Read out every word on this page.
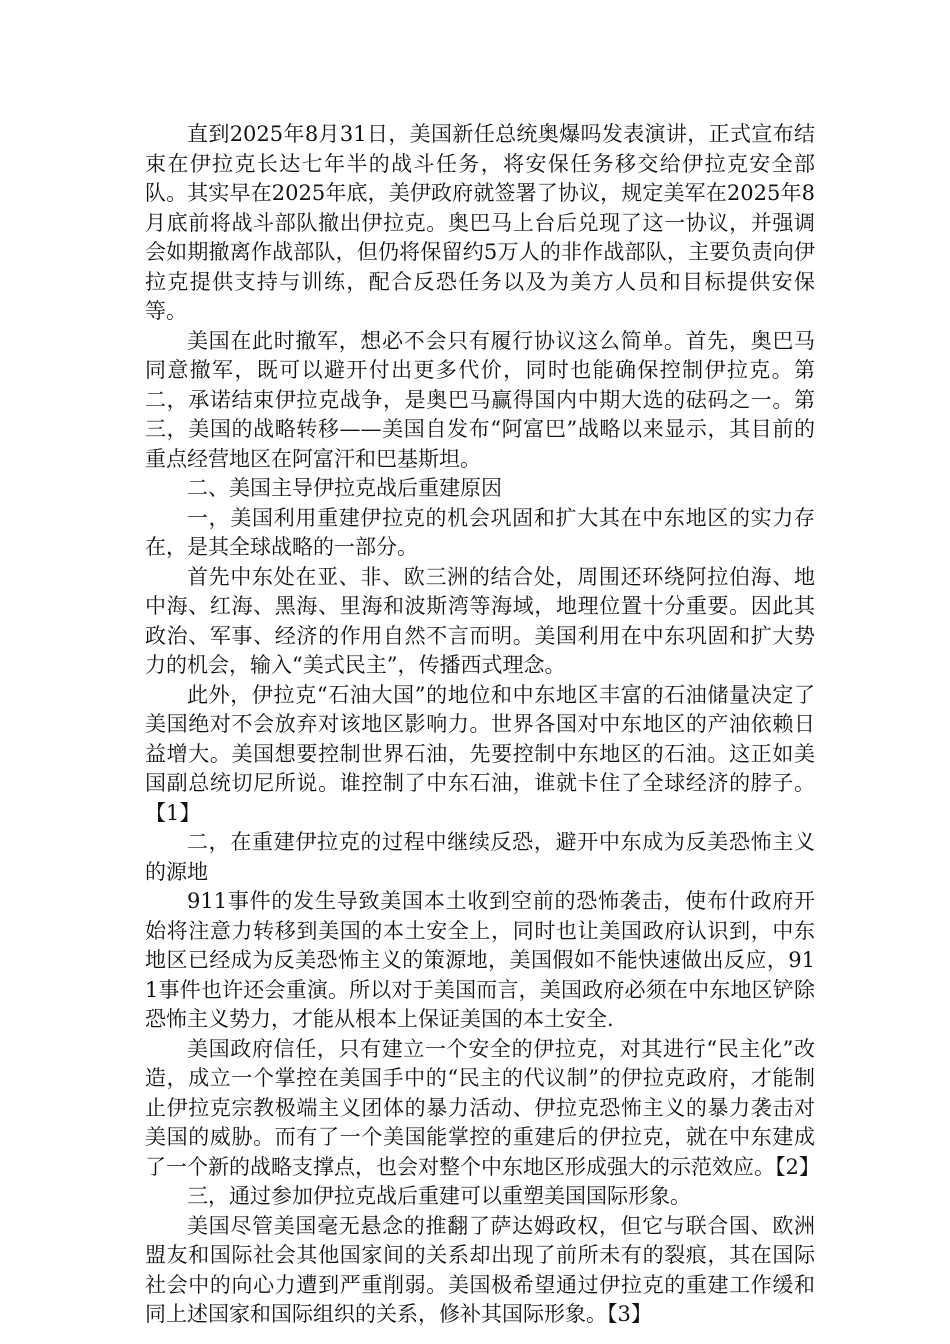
直到2025年8月31日，美国新任总统奥爆吗发表演讲，正式宣布结束在伊拉克长达七年半的战斗任务，将安保任务移交给伊拉克安全部队。其实早在2025年底，美伊政府就签署了协议，规定美军在2025年8月底前将战斗部队撤出伊拉克。奥巴马上台后兑现了这一协议，并强调会如期撤离作战部队，但仍将保留约5万人的非作战部队，主要负责向伊拉克提供支持与训练，配合反恐任务以及为美方人员和目标提供安保等。

美国在此时撤军，想必不会只有履行协议这么简单。首先，奥巴马同意撤军，既可以避开付出更多代价，同时也能确保控制伊拉克。第二，承诺结束伊拉克战争，是奥巴马赢得国内中期大选的砝码之一。第三，美国的战略转移——美国自发布“阿富巴”战略以来显示，其目前的重点经营地区在阿富汗和巴基斯坦。

二、美国主导伊拉克战后重建原因

一，美国利用重建伊拉克的机会巩固和扩大其在中东地区的实力存在，是其全球战略的一部分。

首先中东处在亚、非、欧三洲的结合处，周围还环绕阿拉伯海、地中海、红海、黑海、里海和波斯湾等海域，地理位置十分重要。因此其政治、军事、经济的作用自然不言而明。美国利用在中东巩固和扩大势力的机会，输入“美式民主”，传播西式理念。

此外，伊拉克“石油大国”的地位和中东地区丰富的石油储量决定了美国绝对不会放弃对该地区影响力。世界各国对中东地区的产油依赖日益增大。美国想要控制世界石油，先要控制中东地区的石油。这正如美国副总统切尼所说。谁控制了中东石油，谁就卡住了全球经济的脖子。【1】

二，在重建伊拉克的过程中继续反恐，避开中东成为反美恐怖主义的源地

911事件的发生导致美国本土收到空前的恐怖袭击，使布什政府开始将注意力转移到美国的本土安全上，同时也让美国政府认识到，中东地区已经成为反美恐怖主义的策源地，美国假如不能快速做出反应，911事件也许还会重演。所以对于美国而言，美国政府必须在中东地区铲除恐怖主义势力，才能从根本上保证美国的本土安全.

美国政府信任，只有建立一个安全的伊拉克，对其进行“民主化”改造，成立一个掌控在美国手中的“民主的代议制”的伊拉克政府，才能制止伊拉克宗教极端主义团体的暴力活动、伊拉克恐怖主义的暴力袭击对美国的威胁。而有了一个美国能掌控的重建后的伊拉克，就在中东建成了一个新的战略支撑点，也会对整个中东地区形成强大的示范效应。【2】

三，通过参加伊拉克战后重建可以重塑美国国际形象。

美国尽管美国毫无悬念的推翻了萨达姆政权，但它与联合国、欧洲盟友和国际社会其他国家间的关系却出现了前所未有的裂痕，其在国际社会中的向心力遭到严重削弱。美国极希望通过伊拉克的重建工作缓和同上述国家和国际组织的关系，修补其国际形象。【3】
